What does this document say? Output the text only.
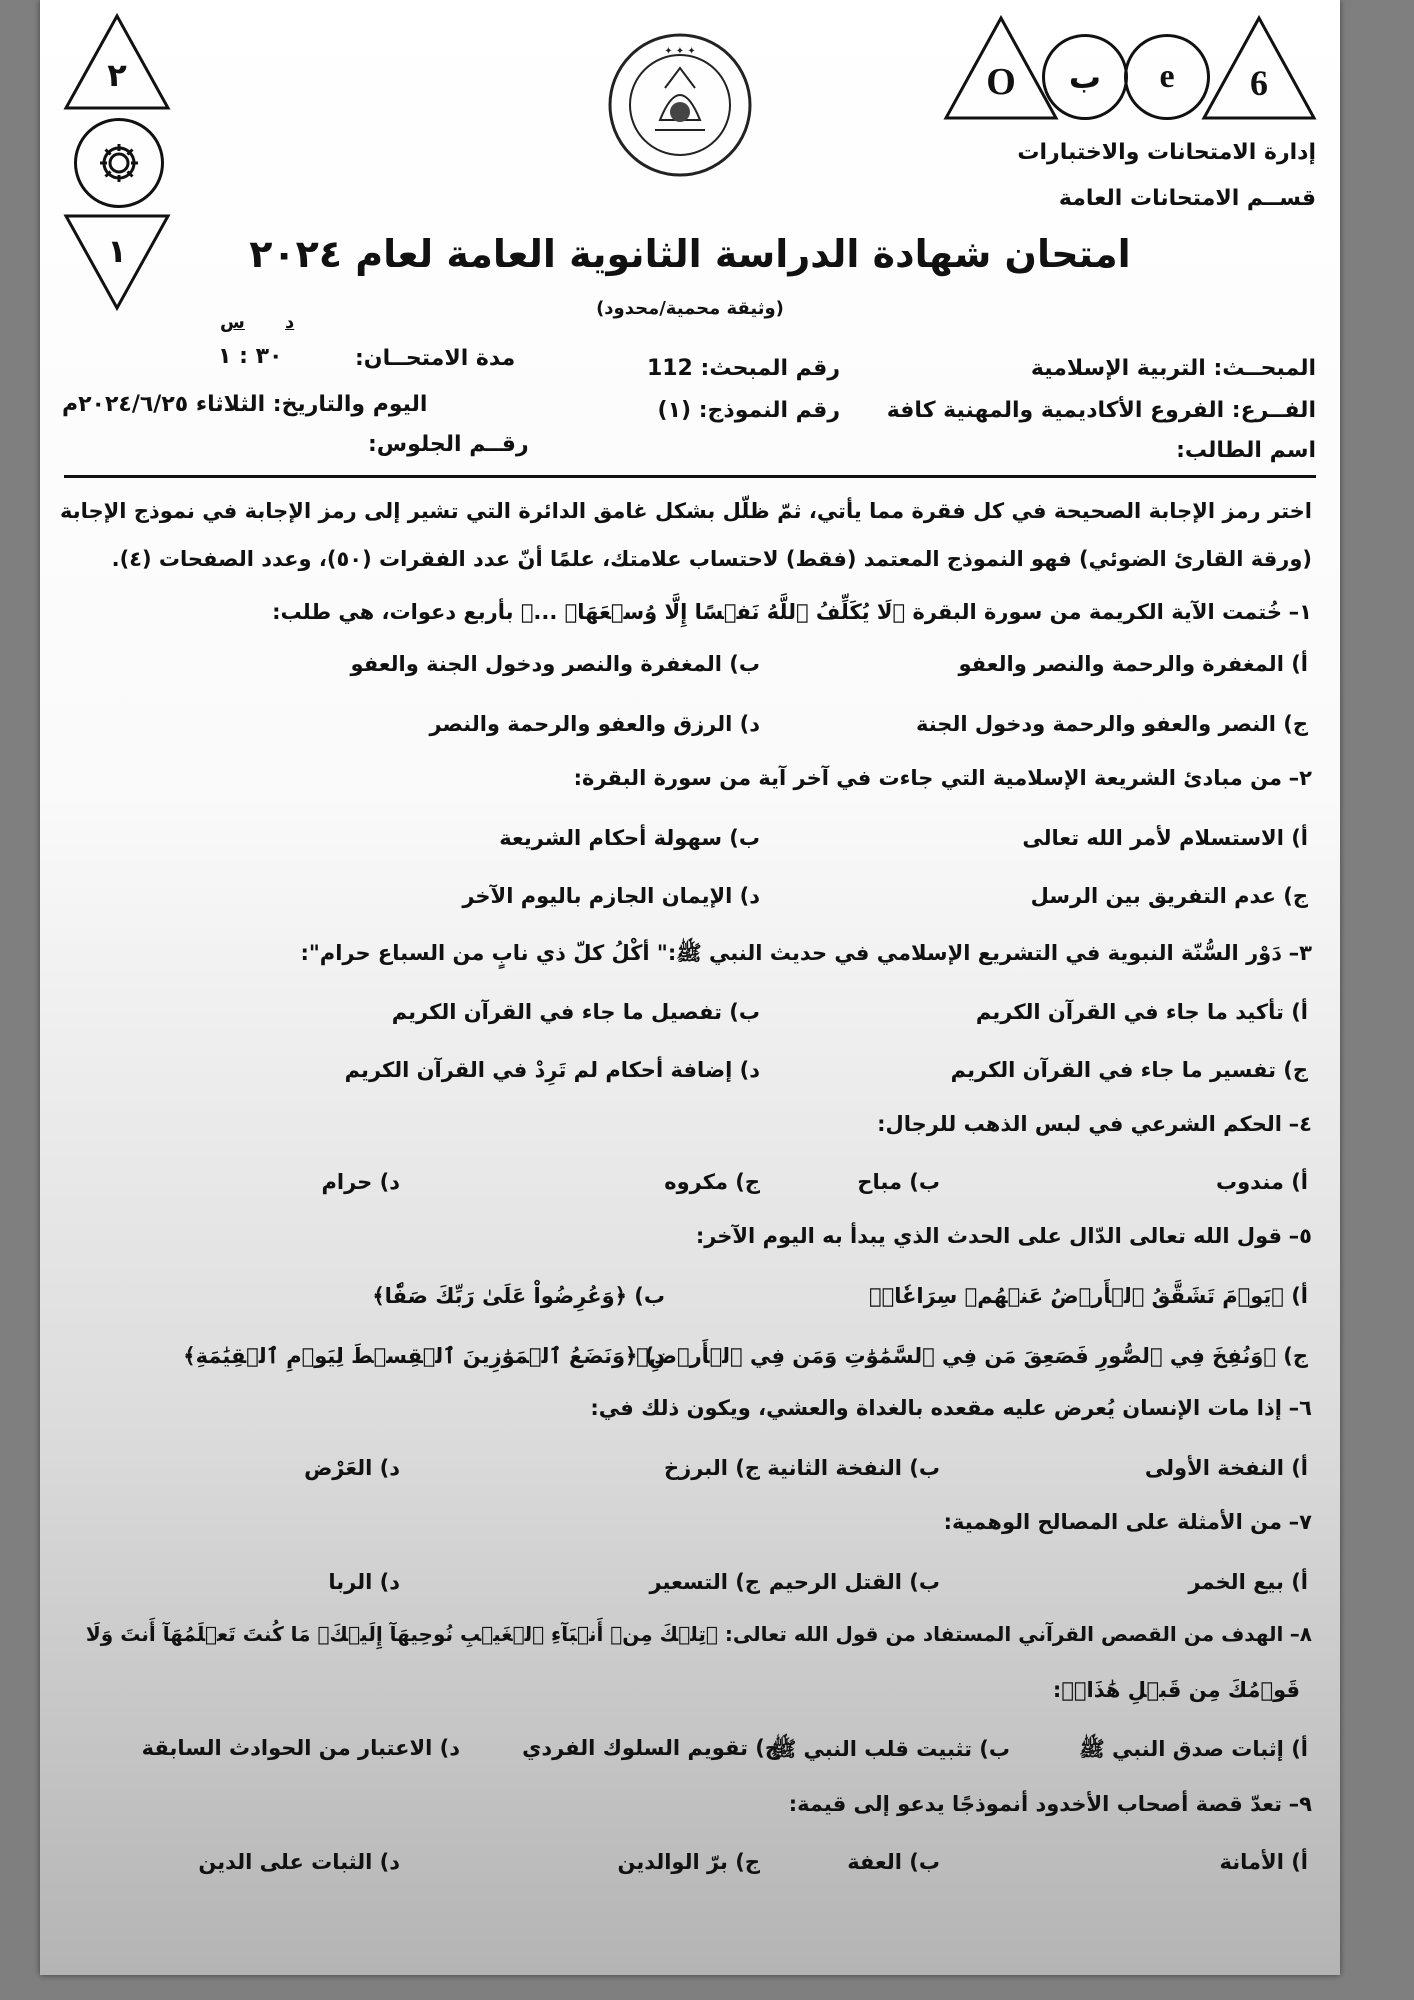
6
e
ب
O
٢
١
✦ ✦ ✦
إدارة الامتحانات والاختبارات
قســم الامتحانات العامة
امتحان شهادة الدراسة الثانوية العامة لعام ٢٠٢٤
(وثيقة محمية/محدود)
المبحــث: التربية الإسلامية
الفــرع: الفروع الأكاديمية والمهنية كافة
اسم الطالب:
رقم المبحث: 112
رقم النموذج: (١)
د
س
٣٠ : ١	مدة الامتحــان:
اليوم والتاريخ: الثلاثاء ٢٠٢٤/٦/٢٥م
رقــم الجلوس:
اختر رمز الإجابة الصحيحة في كل فقرة مما يأتي، ثمّ ظلّل بشكل غامق الدائرة التي تشير إلى رمز الإجابة في نموذج الإجابة (ورقة القارئ الضوئي) فهو النموذج المعتمد (فقط) لاحتساب علامتك، علمًا أنّ عدد الفقرات (٥٠)، وعدد الصفحات (٤).
١– خُتمت الآية الكريمة من سورة البقرة ﴿لَا يُكَلِّفُ ٱللَّهُ نَفۡسًا إِلَّا وُسۡعَهَاۚ ...﴾ بأربع دعوات، هي طلب:
أ) المغفرة والرحمة والنصر والعفو
ب) المغفرة والنصر ودخول الجنة والعفو
ج) النصر والعفو والرحمة ودخول الجنة
د) الرزق والعفو والرحمة والنصر
٢– من مبادئ الشريعة الإسلامية التي جاءت في آخر آية من سورة البقرة:
أ) الاستسلام لأمر الله تعالى
ب) سهولة أحكام الشريعة
ج) عدم التفريق بين الرسل
د) الإيمان الجازم باليوم الآخر
٣– دَوْر السُّنّة النبوية في التشريع الإسلامي في حديث النبي ﷺ:" أكْلُ كلّ ذي نابٍ من السباع حرام":
أ) تأكيد ما جاء في القرآن الكريم
ب) تفصيل ما جاء في القرآن الكريم
ج) تفسير ما جاء في القرآن الكريم
د) إضافة أحكام لم تَرِدْ في القرآن الكريم
٤– الحكم الشرعي في لبس الذهب للرجال:
أ) مندوب
ب) مباح
ج) مكروه
د) حرام
٥– قول الله تعالى الدّال على الحدث الذي يبدأ به اليوم الآخر:
أ) ﴿يَوۡمَ تَشَقَّقُ ٱلۡأَرۡضُ عَنۡهُمۡ سِرَاعٗاۚ﴾
ب) ﴿وَعُرِضُواْ عَلَىٰ رَبِّكَ صَفّٗا﴾
ج) ﴿وَنُفِخَ فِي ٱلصُّورِ فَصَعِقَ مَن فِي ٱلسَّمَٰوَٰتِ وَمَن فِي ٱلۡأَرۡضِ﴾
د) ﴿وَنَضَعُ ٱلۡمَوَٰزِينَ ٱلۡقِسۡطَ لِيَوۡمِ ٱلۡقِيَٰمَةِ﴾
٦– إذا مات الإنسان يُعرض عليه مقعده بالغداة والعشي، ويكون ذلك في:
أ) النفخة الأولى
ب) النفخة الثانية
ج) البرزخ
د) العَرْض
٧– من الأمثلة على المصالح الوهمية:
أ) بيع الخمر
ب) القتل الرحيم
ج) التسعير
د) الربا
٨– الهدف من القصص القرآني المستفاد من قول الله تعالى: ﴿تِلۡكَ مِنۡ أَنۢبَآءِ ٱلۡغَيۡبِ نُوحِيهَآ إِلَيۡكَۖ مَا كُنتَ تَعۡلَمُهَآ أَنتَ وَلَا
قَوۡمُكَ مِن قَبۡلِ هَٰذَاۖ﴾:
أ) إثبات صدق النبي ﷺ
ب) تثبيت قلب النبي ﷺ
ج) تقويم السلوك الفردي
د) الاعتبار من الحوادث السابقة
٩– تعدّ قصة أصحاب الأخدود أنموذجًا يدعو إلى قيمة:
أ) الأمانة
ب) العفة
ج) برّ الوالدين
د) الثبات على الدين
